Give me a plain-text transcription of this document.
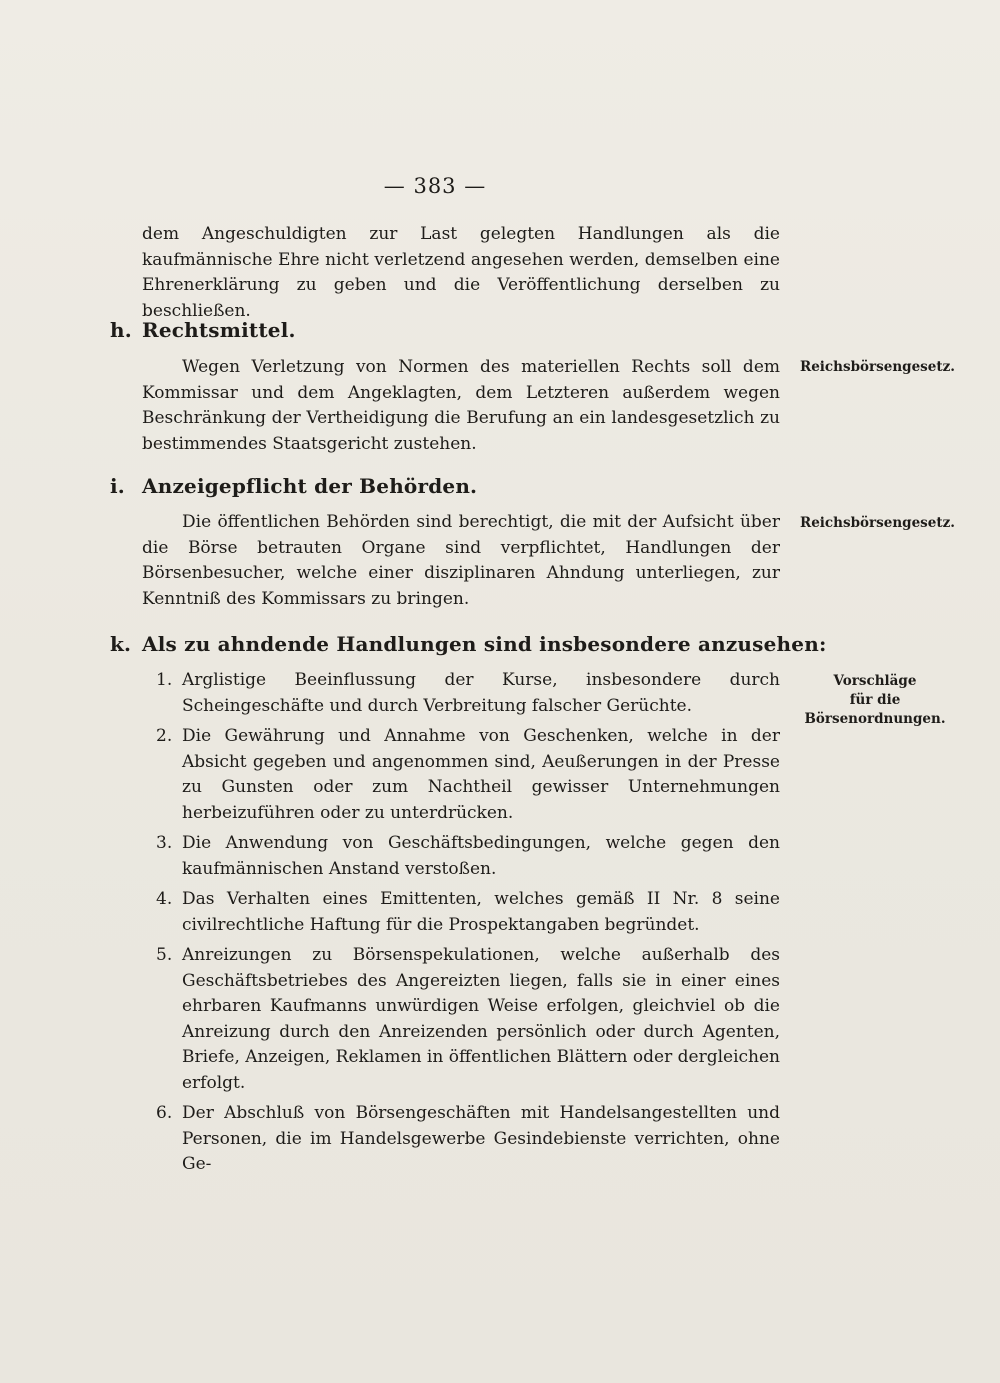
— 383 —

dem Angeschuldigten zur Last gelegten Handlungen als die kaufmännische Ehre nicht verletzend angesehen werden, demselben eine Ehrenerklärung zu geben und die Veröffentlichung derselben zu beschließen.

h. Rechtsmittel.

Wegen Verletzung von Normen des materiellen Rechts soll dem Kommissar und dem Angeklagten, dem Letzteren außerdem wegen Beschränkung der Vertheidigung die Berufung an ein landesgesetzlich zu bestimmendes Staatsgericht zustehen.

Reichsbörsengesetz.
i. Anzeigepflicht der Behörden.

Die öffentlichen Behörden sind berechtigt, die mit der Aufsicht über die Börse betrauten Organe sind verpflichtet, Handlungen der Börsenbesucher, welche einer disziplinaren Ahndung unterliegen, zur Kenntniß des Kommissars zu bringen.

Reichsbörsengesetz.
k. Als zu ahndende Handlungen sind insbesondere anzusehen:
Vorschläge
für die
Börsenordnungen.
1. Arglistige Beeinflussung der Kurse, insbesondere durch Scheingeschäfte und durch Verbreitung falscher Gerüchte.
2. Die Gewährung und Annahme von Geschenken, welche in der Absicht gegeben und angenommen sind, Aeußerungen in der Presse zu Gunsten oder zum Nachtheil gewisser Unternehmungen herbeizuführen oder zu unterdrücken.
3. Die Anwendung von Geschäftsbedingungen, welche gegen den kaufmännischen Anstand verstoßen.
4. Das Verhalten eines Emittenten, welches gemäß II Nr. 8 seine civilrechtliche Haftung für die Prospektangaben begründet.
5. Anreizungen zu Börsenspekulationen, welche außerhalb des Geschäftsbetriebes des Angereizten liegen, falls sie in einer eines ehrbaren Kaufmanns unwürdigen Weise erfolgen, gleichviel ob die Anreizung durch den Anreizenden persönlich oder durch Agenten, Briefe, Anzeigen, Reklamen in öffentlichen Blättern oder dergleichen erfolgt.
6. Der Abschluß von Börsengeschäften mit Handelsangestellten und Personen, die im Handelsgewerbe Gesindebienste verrichten, ohne Ge-
